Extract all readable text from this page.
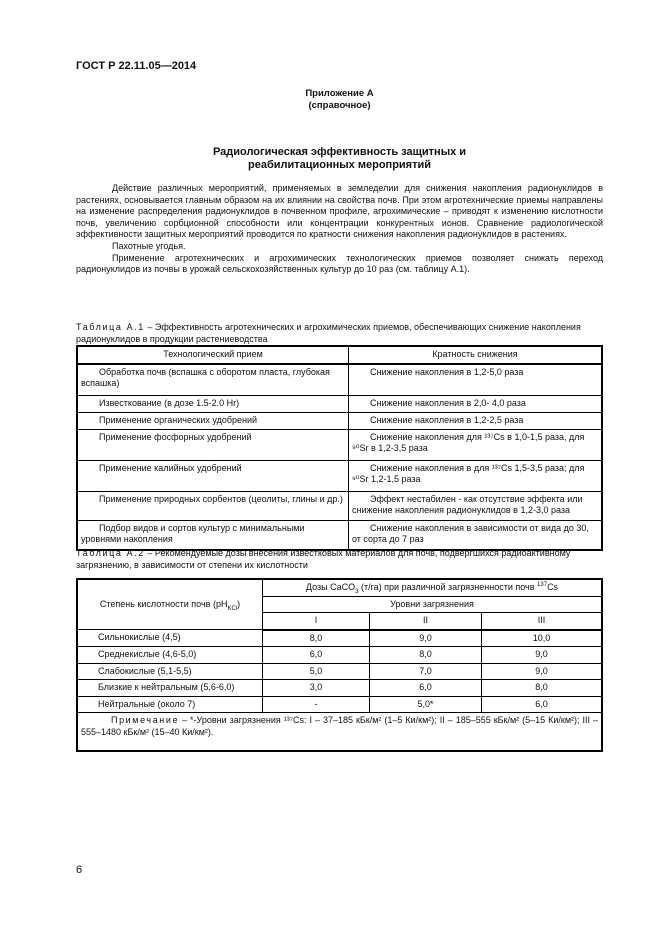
ГОСТ Р 22.11.05—2014
Приложение А
(справочное)
Радиологическая эффективность защитных и
реабилитационных мероприятий

Действие различных мероприятий, применяемых в земледелии для снижения накопления радионуклидов в растениях, основывается главным образом на их влиянии на свойства почв. При этом агротехнические приемы направлены на изменение распределения радионуклидов в почвенном профиле, агрохимические – приводят к изменению кислотности почв, увеличению сорбционной способности или концентрации конкурентных ионов. Сравнение радиологической эффективности защитных мероприятий проводится по кратности снижения накопления радионуклидов в растениях.

Пахотные угодья.

Применение агротехнических и агрохимических технологических приемов позволяет снижать переход радионуклидов из почвы в урожай сельскохозяйственных культур до 10 раз (см. таблицу А.1).

Таблица А.1 – Эффективность агротехнических и агрохимических приемов, обеспечивающих снижение накопления радионуклидов в продукции растениеводства
Технологический прием	Кратность снижения
Обработка почв (вспашка с оборотом пласта, глубокая вспашка)	Снижение накопления в 1,2-5,0 раза
Известкование (в дозе 1.5-2.0 Hr)	Снижение накопления в 2,0- 4,0 раза
Применение органических удобрений	Снижение накопления в 1,2-2,5 раза
Применение фосфорных удобрений	Снижение накопления для ¹³⁷Cs в 1,0-1,5 раза, для ⁹⁰Sr в 1,2-3,5 раза
Применение калийных удобрений	Снижение накопления в для ¹³⁷Cs 1,5-3,5 раза; для ⁹⁰Sr 1,2-1,5 раза
Применение природных сорбентов (цеолиты, глины и др.)	Эффект нестабилен - как отсутствие эффекта или снижение накопления радионуклидов в 1,2-3,0 раза
Подбор видов и сортов культур с минимальными уровнями накопления	Снижение накопления в зависимости от вида до 30, от сорта до 7 раз
Таблица А.2 – Рекомендуемые дозы внесения известковых материалов для почв, подвергшихся радиоактивному загрязнению, в зависимости от степени их кислотности
Степень кислотности почв $(pH_{KCl})$	Дозы CaCO$_3$ (т/га) при различной загрязненности почв $^{137}$Cs		
	Уровни загрязнения		
	I	II	III
Сильнокислые (4,5)	8,0	9,0	10,0
Среднекислые (4,6-5,0)	6,0	8,0	9,0
Слабокислые (5,1-5,5)	5,0	7,0	9,0
Близкие к нейтральным (5,6-6,0)	3,0	6,0	8,0
Нейтральные (около 7)	-	5,0*	6,0
Примечание – *-Уровни загрязнения ¹³⁷Cs: I – 37–185 кБк/м² (1–5 Ки/км²); II – 185–555 кБк/м² (5–15 Ки/км²); III – 555–1480 кБк/м² (15–40 Ки/км²).			
6
